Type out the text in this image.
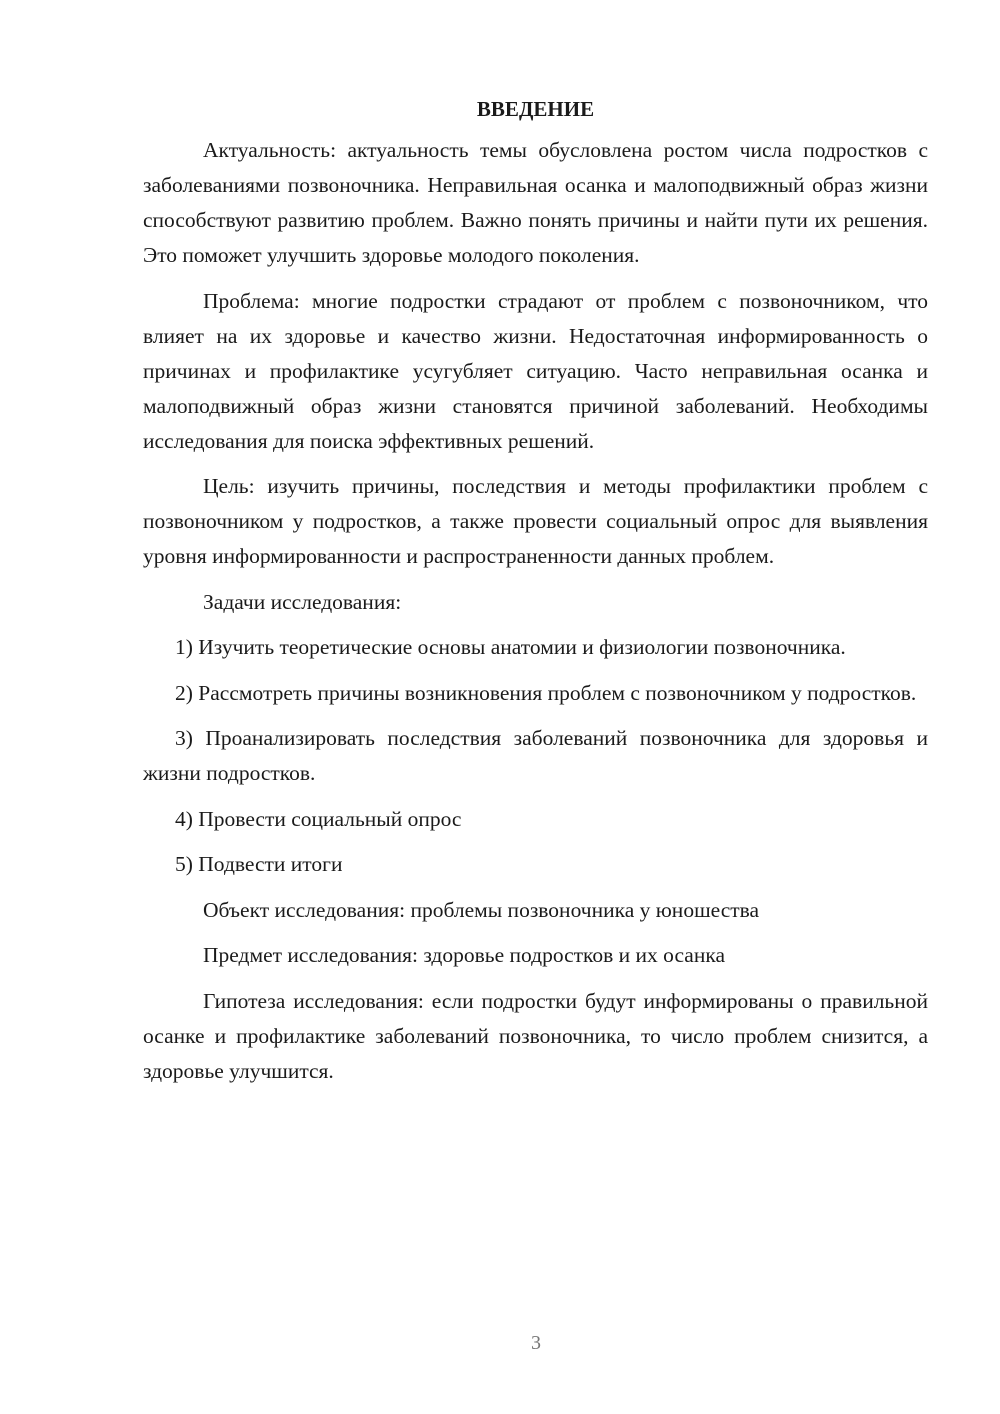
ВВЕДЕНИЕ

Актуальность: актуальность темы обусловлена ростом числа подростков с заболеваниями позвоночника. Неправильная осанка и малоподвижный образ жизни способствуют развитию проблем. Важно понять причины и найти пути их решения. Это поможет улучшить здоровье молодого поколения.

Проблема: многие подростки страдают от проблем с позвоночником, что влияет на их здоровье и качество жизни. Недостаточная информированность о причинах и профилактике усугубляет ситуацию. Часто неправильная осанка и малоподвижный образ жизни становятся причиной заболеваний. Необходимы исследования для поиска эффективных решений.

Цель: изучить причины, последствия и методы профилактики проблем с позвоночником у подростков, а также провести социальный опрос для выявления уровня информированности и распространенности данных проблем.

Задачи исследования:

1) Изучить теоретические основы анатомии и физиологии позвоночника.

2) Рассмотреть причины возникновения проблем с позвоночником у подростков.

3) Проанализировать последствия заболеваний позвоночника для здоровья и жизни подростков.

4) Провести социальный опрос

5) Подвести итоги

Объект исследования: проблемы позвоночника у юношества

Предмет исследования: здоровье подростков и их осанка

Гипотеза исследования: если подростки будут информированы о правильной осанке и профилактике заболеваний позвоночника, то число проблем снизится, а здоровье улучшится.

3
